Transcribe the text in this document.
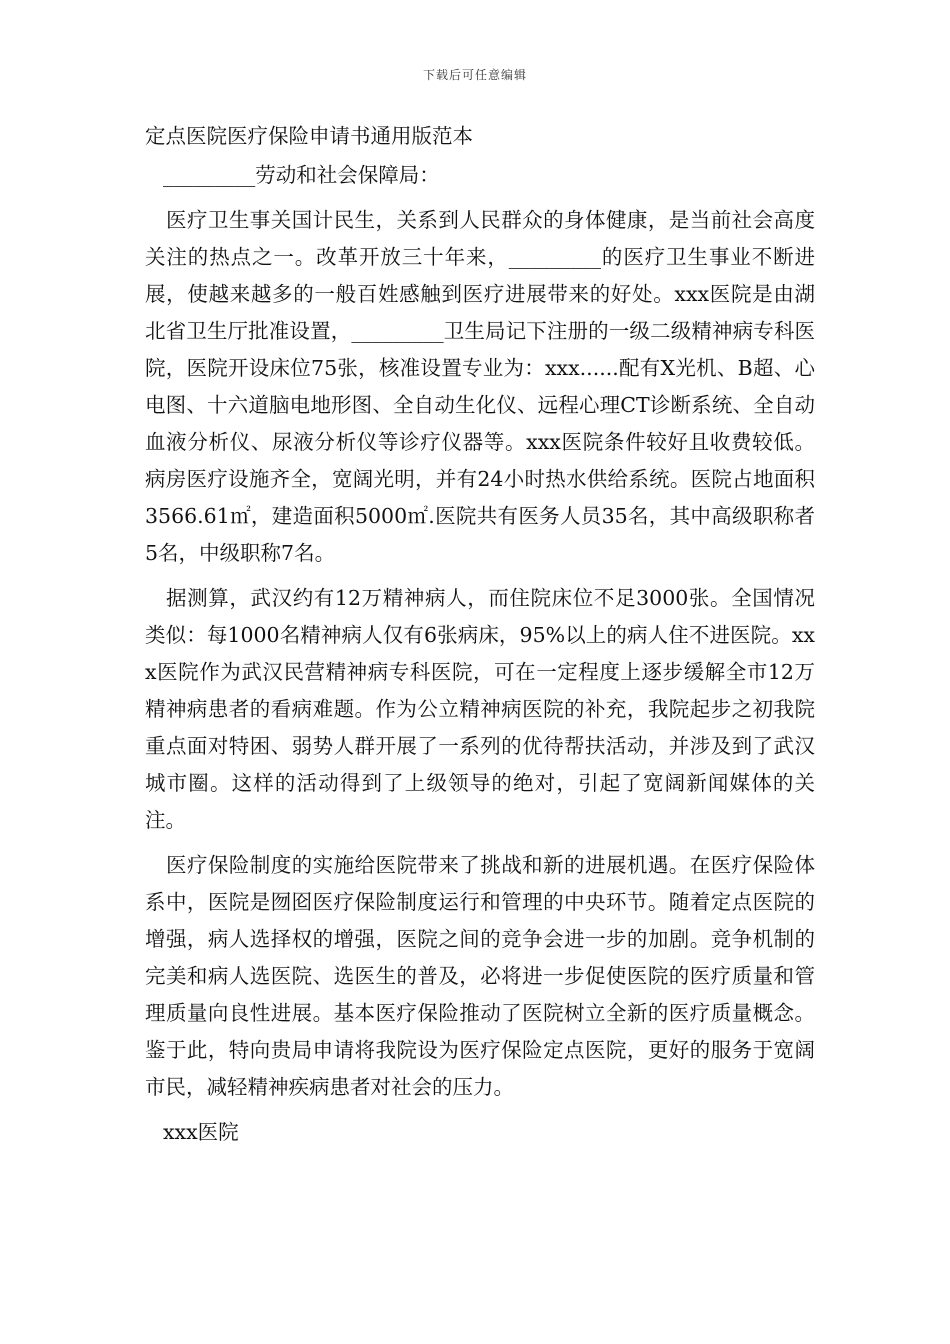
下载后可任意编辑
定点医院医疗保险申请书通用版范本
_________劳动和社会保障局：

医疗卫生事关国计民生，关系到人民群众的身体健康，是当前社会高度关注的热点之一。改革开放三十年来，_________的医疗卫生事业不断进展，使越来越多的一般百姓感触到医疗进展带来的好处。xxx医院是由湖北省卫生厅批准设置，_________卫生局记下注册的一级二级精神病专科医院，医院开设床位75张，核准设置专业为：xxx......配有X光机、B超、心电图、十六道脑电地形图、全自动生化仪、远程心理CT诊断系统、全自动血液分析仪、尿液分析仪等诊疗仪器等。xxx医院条件较好且收费较低。病房医疗设施齐全，宽阔光明，并有24小时热水供给系统。医院占地面积3566.61㎡，建造面积5000㎡.医院共有医务人员35名，其中高级职称者5名，中级职称7名。

据测算，武汉约有12万精神病人，而住院床位不足3000张。全国情况类似：每1000名精神病人仅有6张病床，95%以上的病人住不进医院。xxx医院作为武汉民营精神病专科医院，可在一定程度上逐步缓解全市12万精神病患者的看病难题。作为公立精神病医院的补充，我院起步之初我院重点面对特困、弱势人群开展了一系列的优待帮扶活动，并涉及到了武汉城市圈。这样的活动得到了上级领导的绝对，引起了宽阔新闻媒体的关注。

医疗保险制度的实施给医院带来了挑战和新的进展机遇。在医疗保险体系中，医院是囫囵医疗保险制度运行和管理的中央环节。随着定点医院的增强，病人选择权的增强，医院之间的竞争会进一步的加剧。竞争机制的完美和病人选医院、选医生的普及，必将进一步促使医院的医疗质量和管理质量向良性进展。基本医疗保险推动了医院树立全新的医疗质量概念。鉴于此，特向贵局申请将我院设为医疗保险定点医院，更好的服务于宽阔市民，减轻精神疾病患者对社会的压力。

xxx医院
